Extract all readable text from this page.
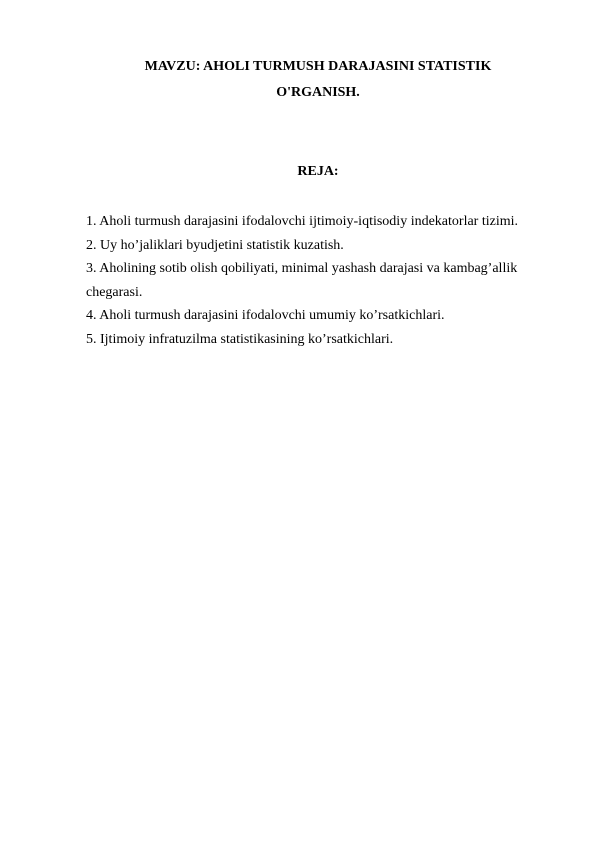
MAVZU: AHOLI TURMUSH DARAJASINI STATISTIK
O'RGANISH.
REJA:
1. Aholi turmush darajasini ifodalovchi ijtimoiy-iqtisodiy indekatorlar tizimi.
2. Uy ho’jaliklari byudjetini statistik kuzatish.
3. Aholining sotib olish qobiliyati, minimal yashash darajasi va kambag’allik chegarasi.
4. Aholi turmush darajasini ifodalovchi umumiy ko’rsatkichlari.
5. Ijtimoiy infratuzilma statistikasining ko’rsatkichlari.
